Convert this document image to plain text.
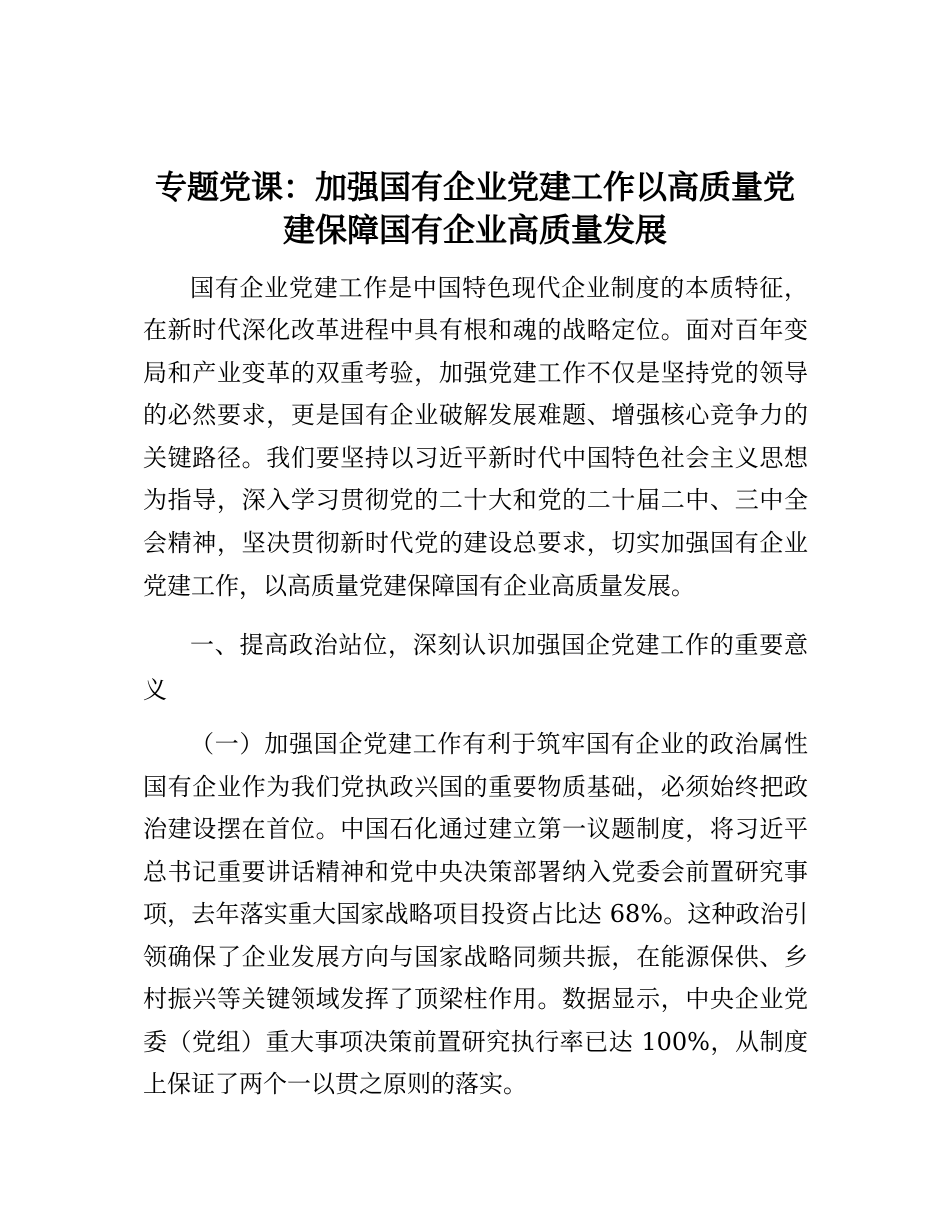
专题党课：加强国有企业党建工作以高质量党
建保障国有企业高质量发展
国有企业党建工作是中国特色现代企业制度的本质特征，
在新时代深化改革进程中具有根和魂的战略定位。面对百年变
局和产业变革的双重考验，加强党建工作不仅是坚持党的领导
的必然要求，更是国有企业破解发展难题、增强核心竞争力的
关键路径。我们要坚持以习近平新时代中国特色社会主义思想
为指导，深入学习贯彻党的二十大和党的二十届二中、三中全
会精神，坚决贯彻新时代党的建设总要求，切实加强国有企业
党建工作，以高质量党建保障国有企业高质量发展。
一、提高政治站位，深刻认识加强国企党建工作的重要意
义
（一）加强国企党建工作有利于筑牢国有企业的政治属性
国有企业作为我们党执政兴国的重要物质基础，必须始终把政
治建设摆在首位。中国石化通过建立第一议题制度，将习近平
总书记重要讲话精神和党中央决策部署纳入党委会前置研究事
项，去年落实重大国家战略项目投资占比达 68%。这种政治引
领确保了企业发展方向与国家战略同频共振，在能源保供、乡
村振兴等关键领域发挥了顶梁柱作用。数据显示，中央企业党
委（党组）重大事项决策前置研究执行率已达 100%，从制度
上保证了两个一以贯之原则的落实。
